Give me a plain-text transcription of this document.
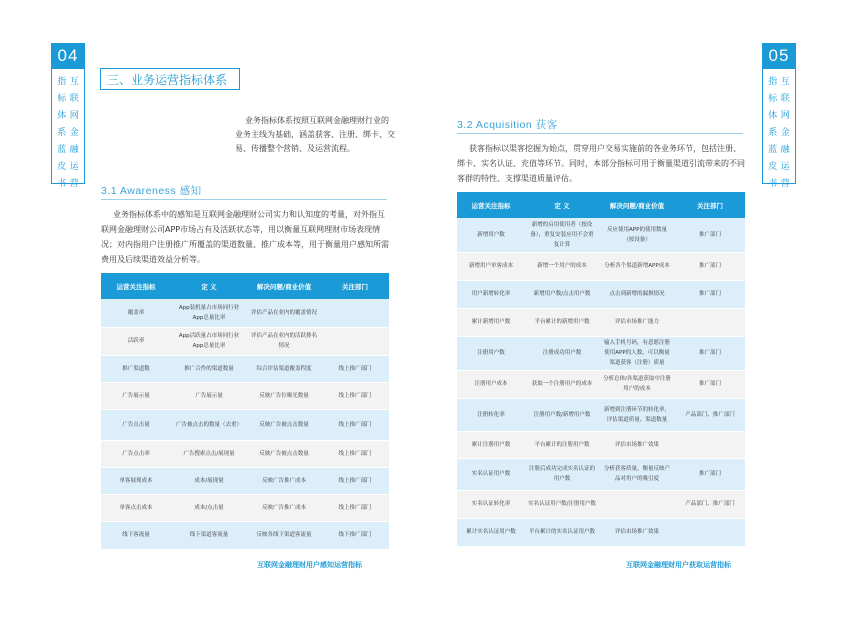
04
指 互
标 联
体 网
系 金
蓝 融
皮 运
书 营
05
指 互
标 联
体 网
系 金
蓝 融
皮 运
书 营
三、业务运营指标体系

业务指标体系按照互联网金融理财行业的业务主线为基础，涵盖获客、注册、绑卡、交易、传播整个营销、及运营流程。

3.1 Awareness 感知

业务指标体系中的感知是互联网金融理财公司实力和认知度的考量，对外指互联网金融理财公司APP市场占有及活跃状态等，用以衡量互联网理财市场表现情况；对内指用户注册推广所覆盖的渠道数量、推广成本等，用于衡量用户感知所需费用及后续渠道效益分析等。

运营关注指标	定 义	解决问题/商业价值	关注部门
覆盖率	App装机量占市场同行业App总量比率	评估产品在业内的覆盖情况	
活跃率	App活跃量占市场同行业App总量比率	评估产品在业内的活跃排名情况	
推广渠道数	推广合作的渠道数量	综合评估渠道覆盖程度	线上推广部门
广告展示量	广告展示量	反映广告位曝光数量	线上推广部门
广告点击量	广告被点击的数量（去重）	反映广告被点击数量	线上推广部门
广告点击率	广告搜索点击/展现量	反映广告被点击数量	线上推广部门
单客展现成本	成本/展现量	反映广告推广成本	线上推广部门
单客点击成本	成本/点击量	反映广告推广成本	线上推广部门
线下客流量	线下渠道客流量	反映各线下渠道客流量	线下推广部门
互联网金融理财用户感知运营指标
3.2 Acquisition 获客

获客指标以渠客挖掘为始点，贯穿用户交易实施前的各业务环节，包括注册、绑卡、实名认证、充值等环节。同时，本部分指标可用于衡量渠道引流带来的不同客群的特性、支撑渠道质量评估。

运营关注指标	定 义	解决问题/商业价值	关注部门
新增用户数	新增的启用使用者（按设备），重复安装应用不会重复计算	反应使用APP的使用数量（按设备）	推广部门
新增用户单客成本	新增一个用户的成本	分析各个渠道新增APP成本	推广部门
用户新增转化率	新增用户数/点击用户数	点击到新增的漏损情况	推广部门
累计新增用户数	平台累计的新增用户数	评估市场推广能力	
注册用户数	注册成功用户数	输入手机号码，有意愿注册使用APP的人数，可以衡量渠道获客（注册）质量	推广部门
注册用户成本	获取一个注册用户的成本	分析总体/各渠道获取中注册用户的成本	推广部门
注册转化率	注册用户数/新增用户数	新增到注册环节的转化率，评估渠道质量、渠道数量	产品部门、推广部门
累计注册用户数	平台累计的注册用户数	评估市场推广效果	
实名认证用户数	注册后成功完成实名认证的用户数	分析获客质量，衡量反映产品对用户的吸引度	推广部门
实名认证转化率	实名认证用户数/注册用户数		产品部门、推广部门
累计实名认证用户数	平台累计的实名认证用户数	评估市场推广效果	
互联网金融理财用户获取运营指标
